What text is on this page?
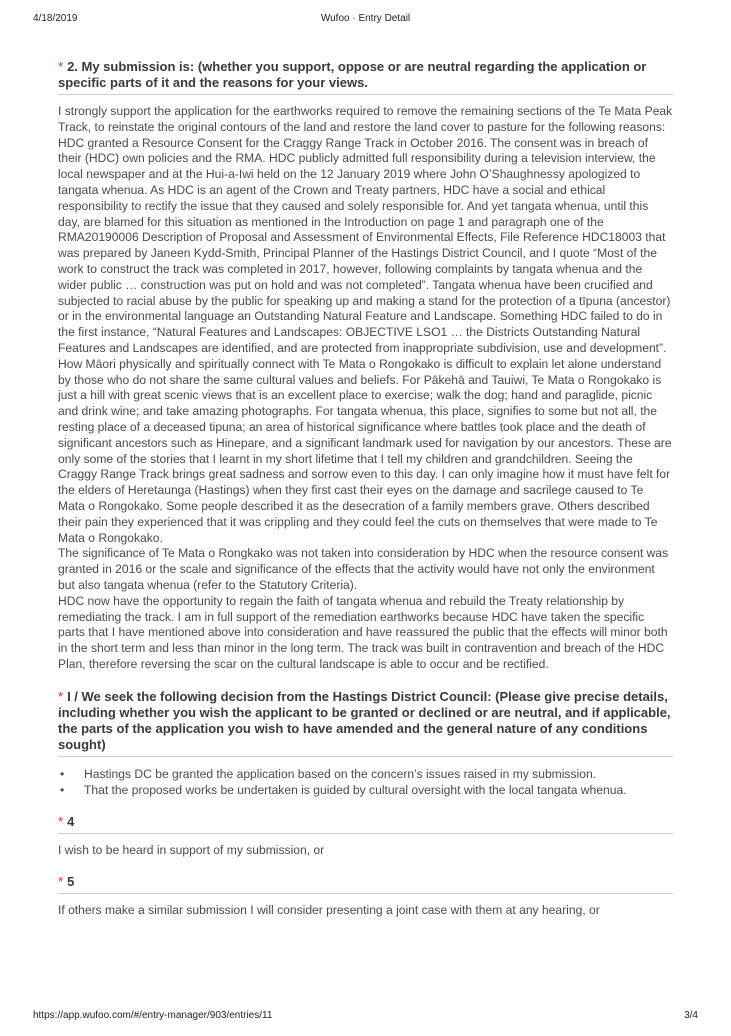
4/18/2019	Wufoo · Entry Detail
* 2. My submission is: (whether you support, oppose or are neutral regarding the application or specific parts of it and the reasons for your views.

I strongly support the application for the earthworks required to remove the remaining sections of the Te Mata Peak Track, to reinstate the original contours of the land and restore the land cover to pasture for the following reasons:

HDC granted a Resource Consent for the Craggy Range Track in October 2016. The consent was in breach of their (HDC) own policies and the RMA. HDC publicly admitted full responsibility during a television interview, the local newspaper and at the Hui-a-Iwi held on the 12 January 2019 where John O’Shaughnessy apologized to tangata whenua. As HDC is an agent of the Crown and Treaty partners, HDC have a social and ethical responsibility to rectify the issue that they caused and solely responsible for. And yet tangata whenua, until this day, are blamed for this situation as mentioned in the Introduction on page 1 and paragraph one of the RMA20190006 Description of Proposal and Assessment of Environmental Effects, File Reference HDC18003 that was prepared by Janeen Kydd-Smith, Principal Planner of the Hastings District Council, and I quote “Most of the work to construct the track was completed in 2017, however, following complaints by tangata whenua and the wider public … construction was put on hold and was not completed”. Tangata whenua have been crucified and subjected to racial abuse by the public for speaking up and making a stand for the protection of a tīpuna (ancestor) or in the environmental language an Outstanding Natural Feature and Landscape. Something HDC failed to do in the first instance, “Natural Features and Landscapes: OBJECTIVE LSO1 … the Districts Outstanding Natural Features and Landscapes are identified, and are protected from inappropriate subdivision, use and development”.

How Māori physically and spiritually connect with Te Mata o Rongokako is difficult to explain let alone understand by those who do not share the same cultural values and beliefs. For Pākehā and Tauiwi, Te Mata o Rongokako is just a hill with great scenic views that is an excellent place to exercise; walk the dog; hand and paraglide, picnic and drink wine; and take amazing photographs. For tangata whenua, this place, signifies to some but not all, the resting place of a deceased tipuna; an area of historical significance where battles took place and the death of significant ancestors such as Hinepare, and a significant landmark used for navigation by our ancestors. These are only some of the stories that I learnt in my short lifetime that I tell my children and grandchildren. Seeing the Craggy Range Track brings great sadness and sorrow even to this day. I can only imagine how it must have felt for the elders of Heretaunga (Hastings) when they first cast their eyes on the damage and sacrilege caused to Te Mata o Rongokako. Some people described it as the desecration of a family members grave. Others described their pain they experienced that it was crippling and they could feel the cuts on themselves that were made to Te Mata o Rongokako.

The significance of Te Mata o Rongkako was not taken into consideration by HDC when the resource consent was granted in 2016 or the scale and significance of the effects that the activity would have not only the environment but also tangata whenua (refer to the Statutory Criteria).

HDC now have the opportunity to regain the faith of tangata whenua and rebuild the Treaty relationship by remediating the track. I am in full support of the remediation earthworks because HDC have taken the specific parts that I have mentioned above into consideration and have reassured the public that the effects will minor both in the short term and less than minor in the long term. The track was built in contravention and breach of the HDC Plan, therefore reversing the scar on the cultural landscape is able to occur and be rectified.

* I / We seek the following decision from the Hastings District Council: (Please give precise details, including whether you wish the applicant to be granted or declined or are neutral, and if applicable, the parts of the application you wish to have amended and the general nature of any conditions sought)
• Hastings DC be granted the application based on the concern’s issues raised in my submission.
• That the proposed works be undertaken is guided by cultural oversight with the local tangata whenua.
* 4

I wish to be heard in support of my submission, or

* 5

If others make a similar submission I will consider presenting a joint case with them at any hearing, or

https://app.wufoo.com/#/entry-manager/903/entries/11	3/4
